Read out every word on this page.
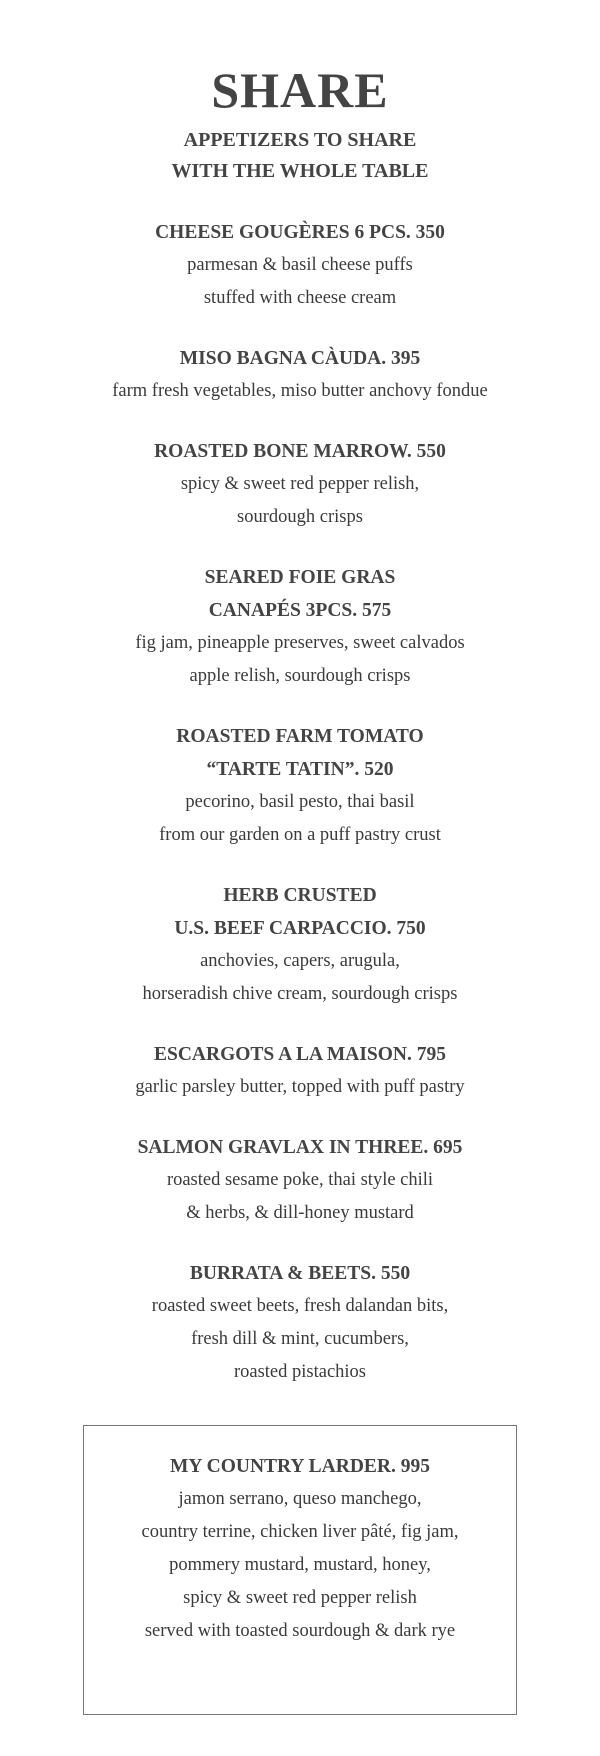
SHARE
APPETIZERS TO SHARE
WITH THE WHOLE TABLE
CHEESE GOUGÈRES 6 PCS. 350
parmesan & basil cheese puffs
stuffed with cheese cream
MISO BAGNA CÀUDA. 395
farm fresh vegetables, miso butter anchovy fondue
ROASTED BONE MARROW. 550
spicy & sweet red pepper relish,
sourdough crisps
SEARED FOIE GRAS
CANAPÉS 3PCS. 575
fig jam, pineapple preserves, sweet calvados
apple relish, sourdough crisps
ROASTED FARM TOMATO
“TARTE TATIN”. 520
pecorino, basil pesto, thai basil
from our garden on a puff pastry crust
HERB CRUSTED
U.S. BEEF CARPACCIO. 750
anchovies, capers, arugula,
horseradish chive cream, sourdough crisps
ESCARGOTS A LA MAISON. 795
garlic parsley butter, topped with puff pastry
SALMON GRAVLAX IN THREE. 695
roasted sesame poke, thai style chili
& herbs, & dill-honey mustard
BURRATA & BEETS. 550
roasted sweet beets, fresh dalandan bits,
fresh dill & mint, cucumbers,
roasted pistachios
MY COUNTRY LARDER. 995
jamon serrano, queso manchego,
country terrine, chicken liver pâté, fig jam,
pommery mustard, mustard, honey,
spicy & sweet red pepper relish
served with toasted sourdough & dark rye
